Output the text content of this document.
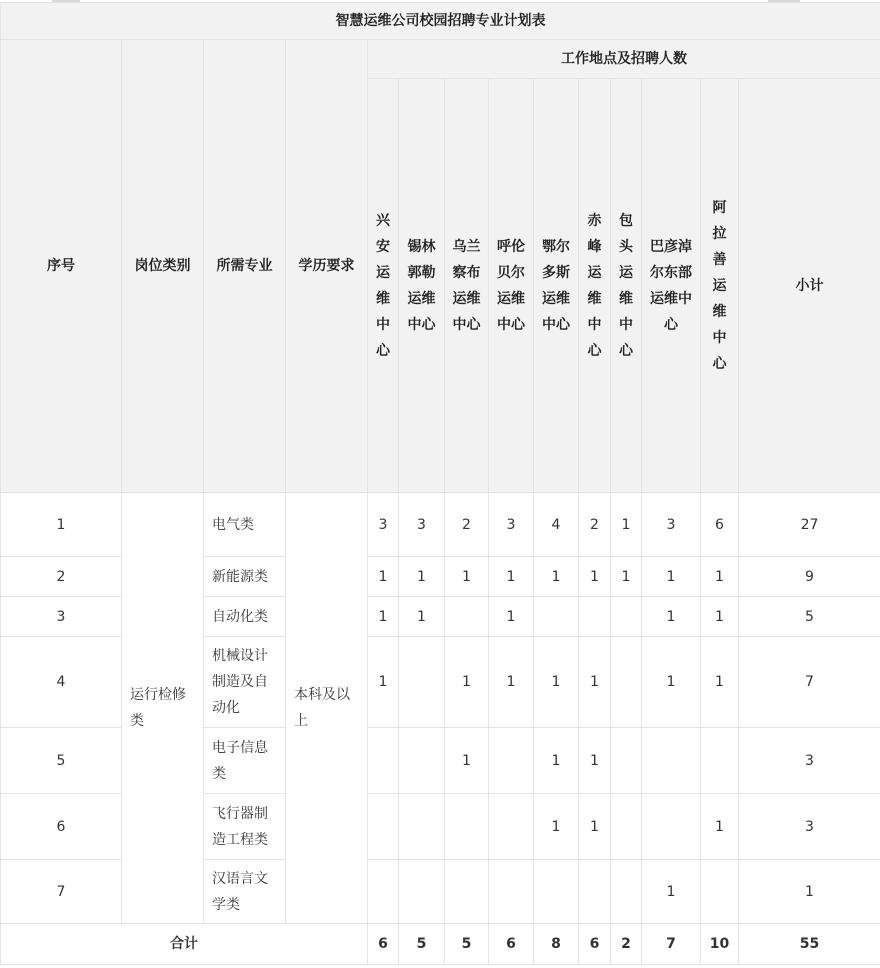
智慧运维公司校园招聘专业计划表													
序号	岗位类别	所需专业	学历要求	工作地点及招聘人数									
				兴安运维中心	锡林郭勒运维中心	乌兰察布运维中心	呼伦贝尔运维中心	鄂尔多斯运维中心	赤峰运维中心	包头运维中心	巴彦淖尔东部运维中心	阿拉善运维中心	小计
1	运行检修类	电气类	本科及以上	3	3	2	3	4	2	1	3	6	27
2		新能源类		1	1	1	1	1	1	1	1	1	9
3		自动化类		1	1		1				1	1	5
4		机械设计制造及自动化		1		1	1	1	1		1	1	7
5		电子信息类				1		1	1				3
6		飞行器制造工程类						1	1			1	3
7		汉语言文学类									1		1
合计				6	5	5	6	8	6	2	7	10	55
